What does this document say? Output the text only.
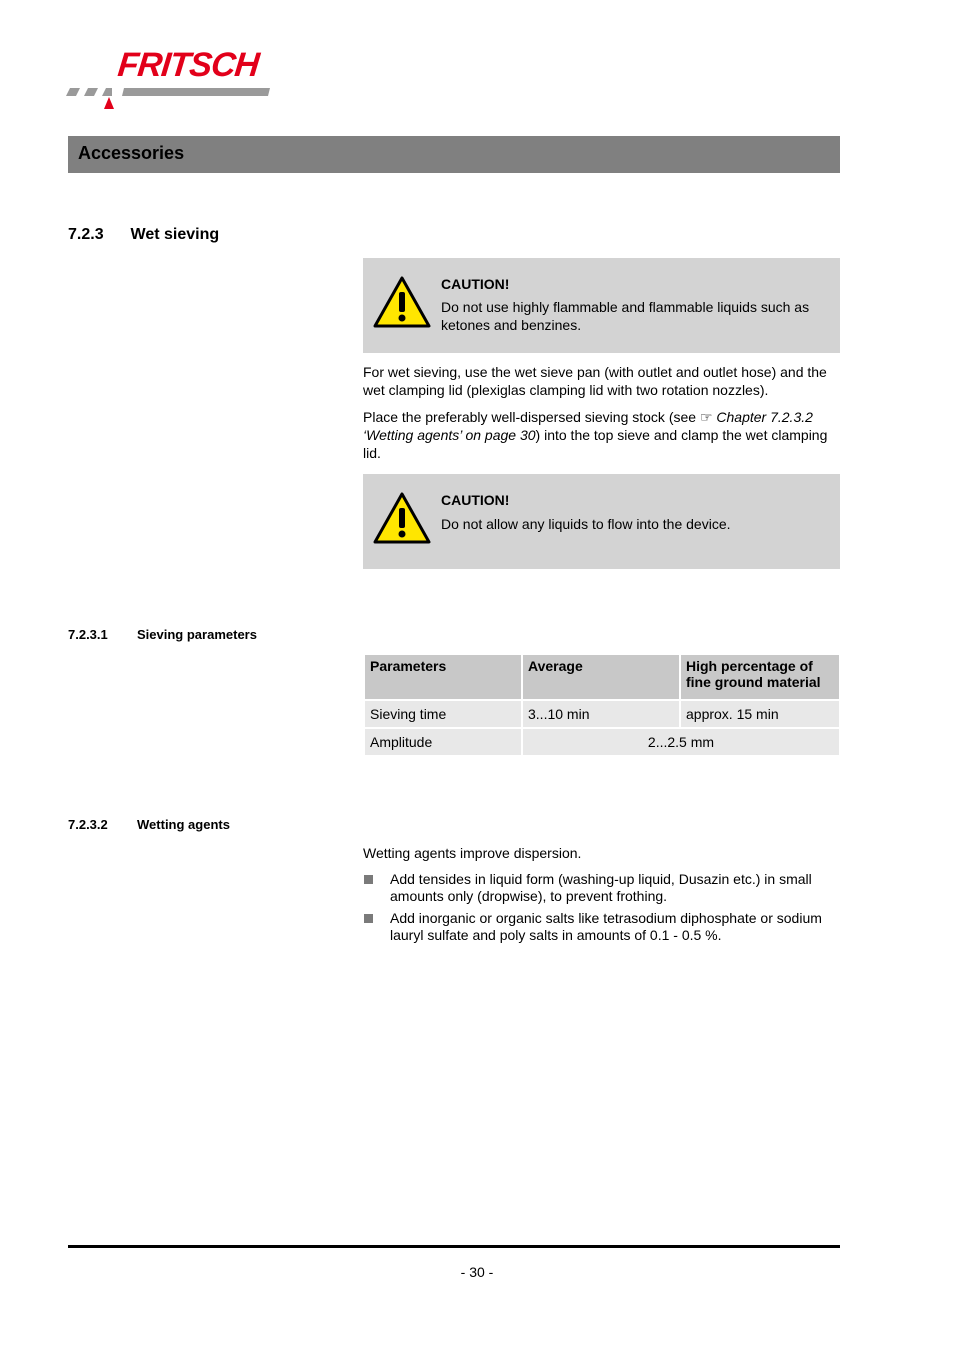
FRITSCH
Accessories
7.2.3 Wet sieving
CAUTION!
Do not use highly flammable and flammable liquids such as ketones and benzines.

For wet sieving, use the wet sieve pan (with outlet and outlet hose) and the wet clamping lid (plexiglas clamping lid with two rotation nozzles).

Place the preferably well-dispersed sieving stock (see ☞ Chapter 7.2.3.2 ‘Wetting agents’ on page 30) into the top sieve and clamp the wet clamping lid.

CAUTION!
Do not allow any liquids to flow into the device.
7.2.3.1 Sieving parameters
Parameters	Average	High percentage of fine ground material
Sieving time	3...10 min	approx. 15 min
Amplitude	2...2.5 mm	
7.2.3.2 Wetting agents

Wetting agents improve dispersion.

Add tensides in liquid form (washing-up liquid, Dusazin etc.) in small amounts only (dropwise), to prevent frothing.
Add inorganic or organic salts like tetrasodium diphosphate or sodium lauryl sulfate and poly salts in amounts of 0.1 - 0.5 %.
- 30 -
